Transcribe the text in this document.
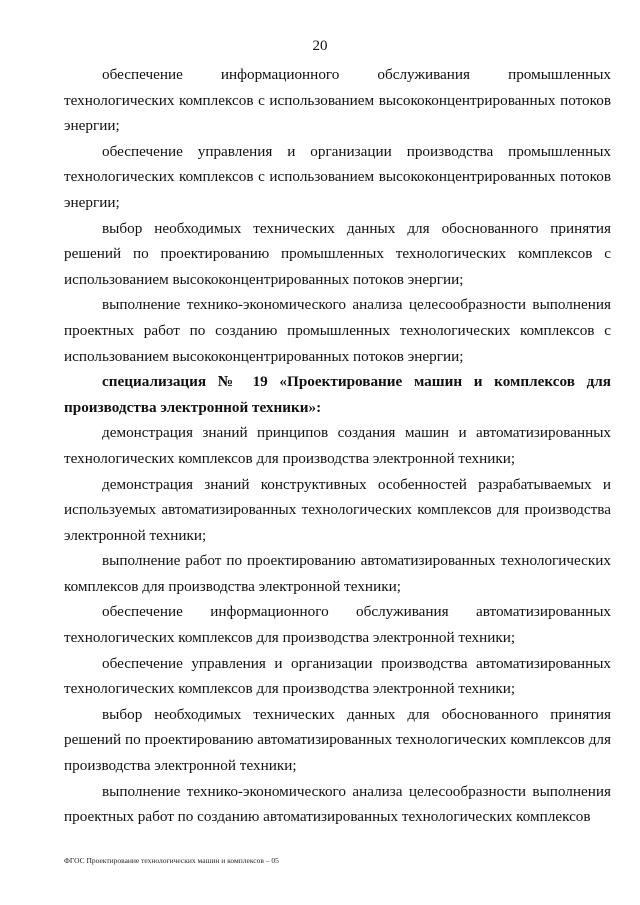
20

обеспечение информационного обслуживания промышленных технологических комплексов с использованием высококонцентрированных потоков энергии;

обеспечение управления и организации производства промышленных технологических комплексов с использованием высококонцентрированных потоков энергии;

выбор необходимых технических данных для обоснованного принятия решений по проектированию промышленных технологических комплексов с использованием высококонцентрированных потоков энергии;

выполнение технико-экономического анализа целесообразности выполнения проектных работ по созданию промышленных технологических комплексов с использованием высококонцентрированных потоков энергии;

специализация № 19 «Проектирование машин и комплексов для производства электронной техники»:

демонстрация знаний принципов создания машин и автоматизированных технологических комплексов для производства электронной техники;

демонстрация знаний конструктивных особенностей разрабатываемых и используемых автоматизированных технологических комплексов для производства электронной техники;

выполнение работ по проектированию автоматизированных технологических комплексов для производства электронной техники;

обеспечение информационного обслуживания автоматизированных технологических комплексов для производства электронной техники;

обеспечение управления и организации производства автоматизированных технологических комплексов для производства электронной техники;

выбор необходимых технических данных для обоснованного принятия решений по проектированию автоматизированных технологических комплексов для производства электронной техники;

выполнение технико-экономического анализа целесообразности выполнения проектных работ по созданию автоматизированных технологических комплексов

ФГОС Проектирование технологических машин и комплексов – 05
